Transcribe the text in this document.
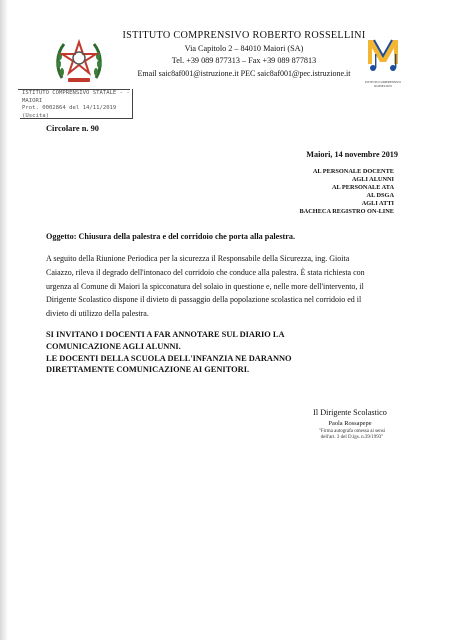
ISTITUTO COMPRENSIVO ROSSELLINI
ISTITUTO COMPRENSIVO ROBERTO ROSSELLINI
Via Capitolo 2 – 84010 Maiori (SA)
Tel. +39 089 877313 – Fax +39 089 877813
Email saic8af001@istruzione.it PEC saic8af001@pec.istruzione.it
ISTITUTO COMPRENSIVO STATALE - -MAIORI
Prot. 0002864 del 14/11/2019
(Uscita)
Circolare n. 90
Maiori, 14 novembre 2019
AL PERSONALE DOCENTE
AGLI ALUNNI
AL PERSONALE ATA
AL DSGA
AGLI ATTI
BACHECA REGISTRO ON-LINE
Oggetto: Chiusura della palestra e del corridoio che porta alla palestra.
A seguito della Riunione Periodica per la sicurezza il Responsabile della Sicurezza, ing. Gioita
Caiazzo, rileva il degrado dell'intonaco del corridoio che conduce alla palestra. È stata richiesta con
urgenza al Comune di Maiori la spicconatura del solaio in questione e, nelle more dell'intervento, il
Dirigente Scolastico dispone il divieto di passaggio della popolazione scolastica nel corridoio ed il
divieto di utilizzo della palestra.
SI INVITANO I DOCENTI A FAR ANNOTARE SUL DIARIO LA
COMUNICAZIONE AGLI ALUNNI.
LE DOCENTI DELLA SCUOLA DELL'INFANZIA NE DARANNO
DIRETTAMENTE COMUNICAZIONE AI GENITORI.
Il Dirigente Scolastico
Paola Rossapepe
"Firma autografa omessa ai sensi
dell'art. 3 del D.lgs. n.39/1993"
